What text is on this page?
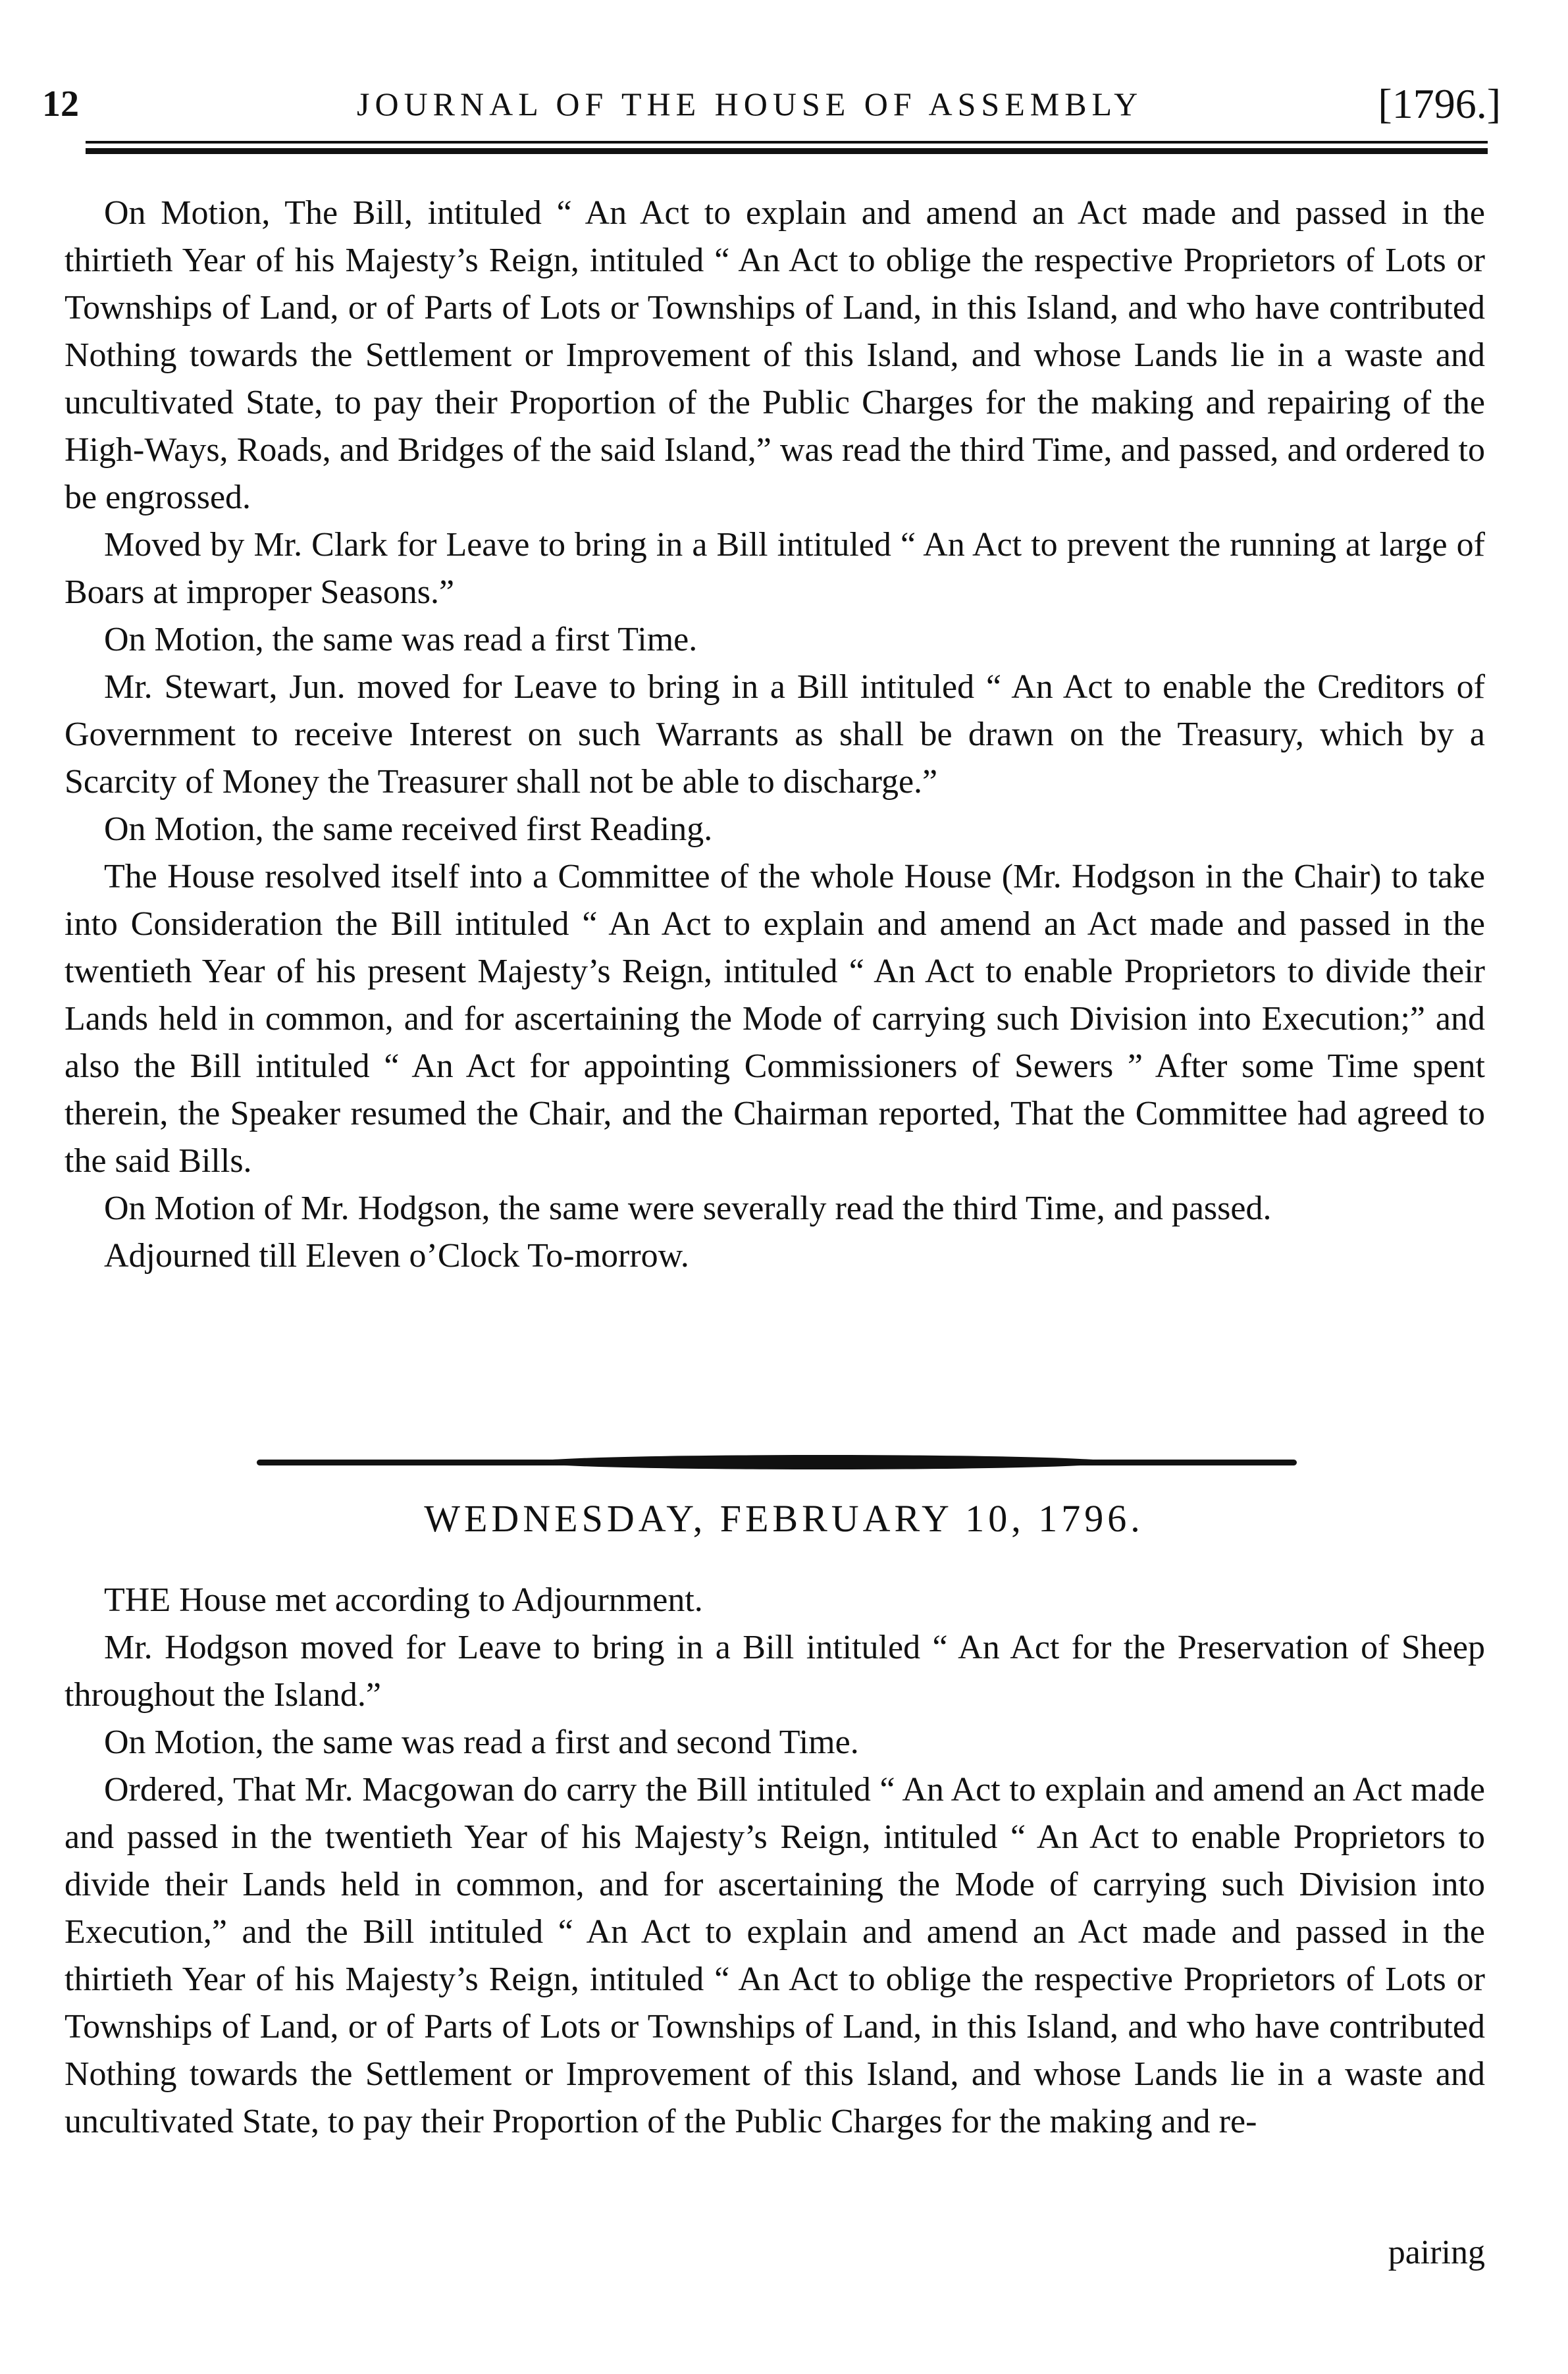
12	JOURNAL OF THE HOUSE OF ASSEMBLY	[1796.]

On Motion, The Bill, intituled “ An Act to explain and amend an Act made and passed in the thirtieth Year of his Majesty’s Reign, intituled “ An Act to oblige the respective Proprietors of Lots or Townships of Land, or of Parts of Lots or Townships of Land, in this Island, and who have contributed Nothing towards the Settlement or Improvement of this Island, and whose Lands lie in a waste and uncultivated State, to pay their Proportion of the Public Charges for the making and repairing of the High-Ways, Roads, and Bridges of the said Island,” was read the third Time, and passed, and ordered to be engrossed.

Moved by Mr. Clark for Leave to bring in a Bill intituled “ An Act to prevent the running at large of Boars at improper Seasons.”

On Motion, the same was read a first Time.

Mr. Stewart, Jun. moved for Leave to bring in a Bill intituled “ An Act to enable the Creditors of Government to receive Interest on such Warrants as shall be drawn on the Treasury, which by a Scarcity of Money the Treasurer shall not be able to discharge.”

On Motion, the same received first Reading.

The House resolved itself into a Committee of the whole House (Mr. Hodgson in the Chair) to take into Consideration the Bill intituled “ An Act to explain and amend an Act made and passed in the twentieth Year of his present Majesty’s Reign, intituled “ An Act to enable Proprietors to divide their Lands held in common, and for ascertaining the Mode of carrying such Division into Execution;” and also the Bill intituled “ An Act for appointing Commissioners of Sewers ” After some Time spent therein, the Speaker resumed the Chair, and the Chairman reported, That the Committee had agreed to the said Bills.

On Motion of Mr. Hodgson, the same were severally read the third Time, and passed.

Adjourned till Eleven o’Clock To-morrow.

WEDNESDAY, FEBRUARY 10, 1796.

THE House met according to Adjournment.

Mr. Hodgson moved for Leave to bring in a Bill intituled “ An Act for the Preservation of Sheep throughout the Island.”

On Motion, the same was read a first and second Time.

Ordered, That Mr. Macgowan do carry the Bill intituled “ An Act to explain and amend an Act made and passed in the twentieth Year of his Majesty’s Reign, intituled “ An Act to enable Proprietors to divide their Lands held in common, and for ascertaining the Mode of carrying such Division into Execution,” and the Bill intituled “ An Act to explain and amend an Act made and passed in the thirtieth Year of his Majesty’s Reign, intituled “ An Act to oblige the respective Proprietors of Lots or Townships of Land, or of Parts of Lots or Townships of Land, in this Island, and who have contributed Nothing towards the Settlement or Improvement of this Island, and whose Lands lie in a waste and uncultivated State, to pay their Proportion of the Public Charges for the making and re-

pairing
